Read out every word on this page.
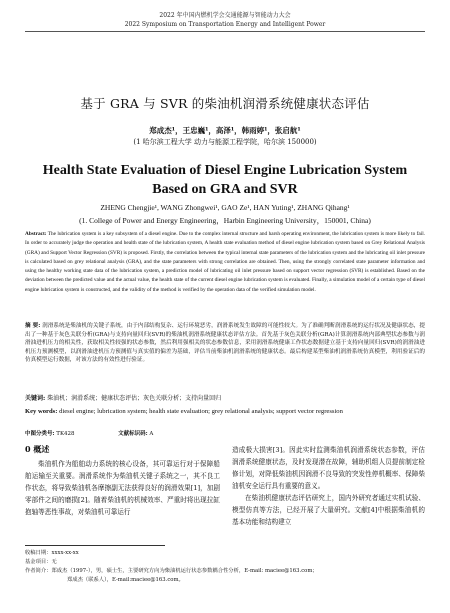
2022 年中国内燃机学会交通能源与智能动力大会
2022 Symposium on Transportation Energy and Intelligent Power
基于 GRA 与 SVR 的柴油机润滑系统健康状态评估
郑成杰¹，王忠巍¹，高泽¹，韩雨婷¹，张启航¹
(1 哈尔滨工程大学 动力与能源工程学院，哈尔滨 150000)
Health State Evaluation of Diesel Engine Lubrication System
Based on GRA and SVR
ZHENG Chengjie¹, WANG Zhongwei¹, GAO Ze¹, HAN Yuting¹, ZHANG Qihang¹
(1. College of Power and Energy Engineering，Harbin Engineering University，150001, China)
Abstract: The lubrication system is a key subsystem of a diesel engine. Due to the complex internal structure and harsh operating environment, the lubrication system is more likely to fail. In order to accurately judge the operation and health state of the lubrication system, A health state evaluation method of diesel engine lubrication system based on Grey Relational Analysis (GRA) and Support Vector Regression (SVR) is proposed. Firstly, the correlation between the typical internal state parameters of the lubrication system and the lubricating oil inlet pressure is calculated based on grey relational analysis (GRA), and the state parameters with strong correlation are obtained. Then, using the strongly correlated state parameter information and using the healthy working state data of the lubrication system, a prediction model of lubricating oil inlet pressure based on support vector regression (SVR) is established. Based on the deviation between the predicted value and the actual value, the health state of the current diesel engine lubrication system is evaluated. Finally, a simulation model of a certain type of diesel engine lubrication system is constructed, and the validity of the method is verified by the operation data of the verified simulation model.
摘 要: 润滑系统是柴油机的关键子系统，由于内部结构复杂、运行环境恶劣，润滑系统发生故障的可能性较大。为了准确判断润滑系统的运行状况及健康状态，提出了一种基于灰色关联分析(GRA)与支持向量回归(SVR)的柴油机润滑系统健康状态评估方法。首先基于灰色关联分析(GRA)计算润滑系统内部典型状态参数与润滑油进机压力的相关性，获取相关性较强的状态参数，然后利用强相关的状态参数信息，采用润滑系统健康工作状态数据建立基于支持向量回归(SVR)的润滑油进机压力预测模型，以润滑油进机压力预测值与真实值的偏差为基础，评估当前柴油机润滑系统的健康状态。最后构建某型柴油机润滑系统仿真模型，利用验证后的仿真模型运行数据，对该方法的有效性进行验证。
关键词: 柴油机；润滑系统；健康状态评估；灰色关联分析；支持向量回归
Key words: diesel engine; lubrication system; health state evaluation; grey relational analysis; support vector regression
中图分类号: TK428	文献标识码: A
0 概述
柴油机作为船舶动力系统的核心设备，其可靠运行对于保障船舶运输至关重要。润滑系统作为柴油机关键子系统之一，其不良工作状态，将导致柴油机各摩擦副无法获得良好的润滑效果[1]，加剧零部件之间的磨损[2]。随着柴油机的机械效率、严重时将出现拉缸抱轴等恶性事故，对柴油机可靠运行
造成极大损害[3]。因此实时监测柴油机润滑系统状态参数，评估润滑系统健康状态，及时发现潜在故障，辅助机组人员提前制定检修计划，对降低柴油机因润滑不良导致的突发性停机概率、保障柴油机安全运行具有重要的意义。
在柴油机健康状态评估研究上，国内外研究者通过实机试验、模型仿真等方法，已经开展了大量研究。文献[4]中根据柴油机的基本功能和结构建立
收稿日期：xxxx-xx-xx
基金项目：无
作者简介：郑成杰（1997-），男，硕士生，主要研究方向为柴油机运行状态参数耦合性分析，E-mail: maciee@163.com；
郑成杰（联系人），E-mail:maciee@163.com。
